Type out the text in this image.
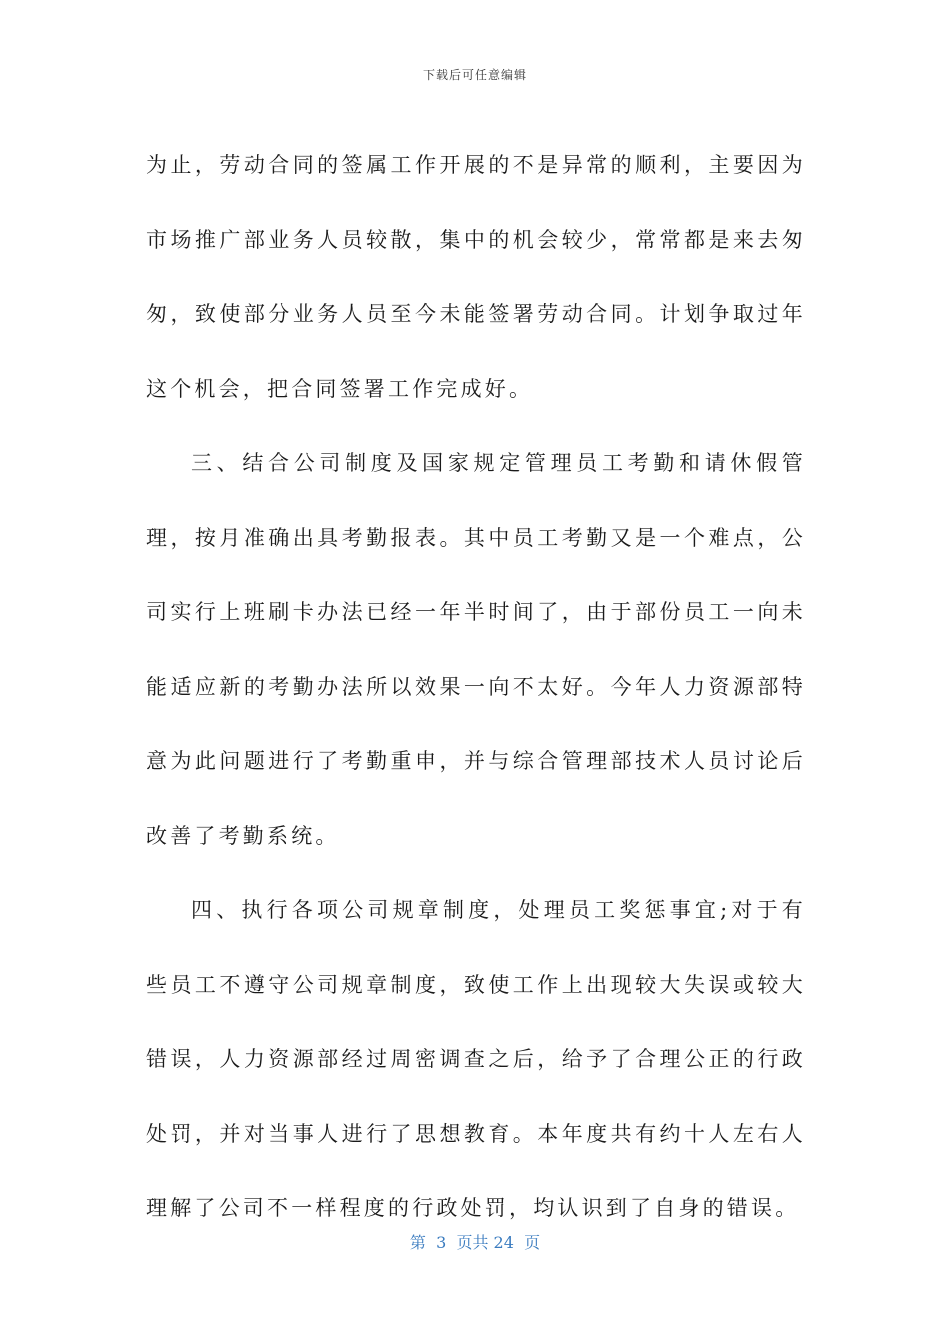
下载后可任意编辑

为止，劳动合同的签属工作开展的不是异常的顺利，主要因为市场推广部业务人员较散，集中的机会较少，常常都是来去匆匆，致使部分业务人员至今未能签署劳动合同。计划争取过年这个机会，把合同签署工作完成好。

三、结合公司制度及国家规定管理员工考勤和请休假管理，按月准确出具考勤报表。其中员工考勤又是一个难点，公司实行上班刷卡办法已经一年半时间了，由于部份员工一向未能适应新的考勤办法所以效果一向不太好。今年人力资源部特意为此问题进行了考勤重申，并与综合管理部技术人员讨论后改善了考勤系统。

四、执行各项公司规章制度，处理员工奖惩事宜;对于有些员工不遵守公司规章制度，致使工作上出现较大失误或较大错误，人力资源部经过周密调查之后，给予了合理公正的行政处罚，并对当事人进行了思想教育。本年度共有约十人左右人理解了公司不一样程度的行政处罚，均认识到了自身的错误。

第  3  页共 24  页
